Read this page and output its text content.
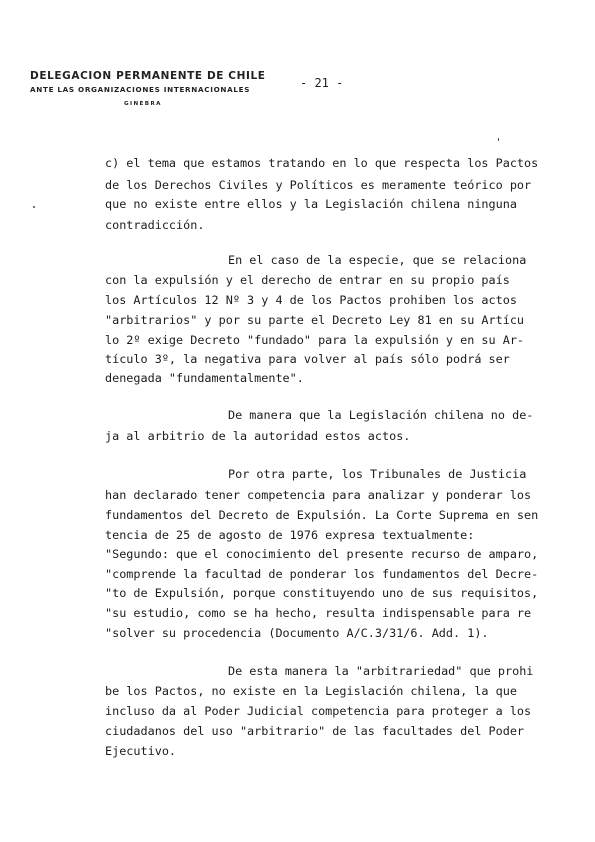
DELEGACION PERMANENTE DE CHILE
ANTE LAS ORGANIZACIONES INTERNACIONALES
GINEBRA
- 21 -
c) el tema que estamos tratando en lo que respecta los Pactos
de los Derechos Civiles y Políticos es meramente teórico por
que no existe entre ellos y la Legislación chilena ninguna
contradicción.
En el caso de la especie, que se relaciona
con la expulsión y el derecho de entrar en su propio país
los Artículos 12 Nº 3 y 4 de los Pactos prohiben los actos
"arbitrarios" y por su parte el Decreto Ley 81 en su Artícu
lo 2º exige Decreto "fundado" para la expulsión y en su Ar-
tículo 3º, la negativa para volver al país sólo podrá ser
denegada "fundamentalmente".
De manera que la Legislación chilena no de-
ja al arbitrio de la autoridad estos actos.
Por otra parte, los Tribunales de Justicia
han declarado tener competencia para analizar y ponderar los
fundamentos del Decreto de Expulsión. La Corte Suprema en sen
tencia de 25 de agosto de 1976 expresa textualmente:
"Segundo: que el conocimiento del presente recurso de amparo,
"comprende la facultad de ponderar los fundamentos del Decre-
"to de Expulsión, porque constituyendo uno de sus requisitos,
"su estudio, como se ha hecho, resulta indispensable para re
"solver su procedencia (Documento A/C.3/31/6. Add. 1).
De esta manera la "arbitrariedad" que prohi
be los Pactos, no existe en la Legislación chilena, la que
incluso da al Poder Judicial competencia para proteger a los
ciudadanos del uso "arbitrario" de las facultades del Poder
Ejecutivo.
